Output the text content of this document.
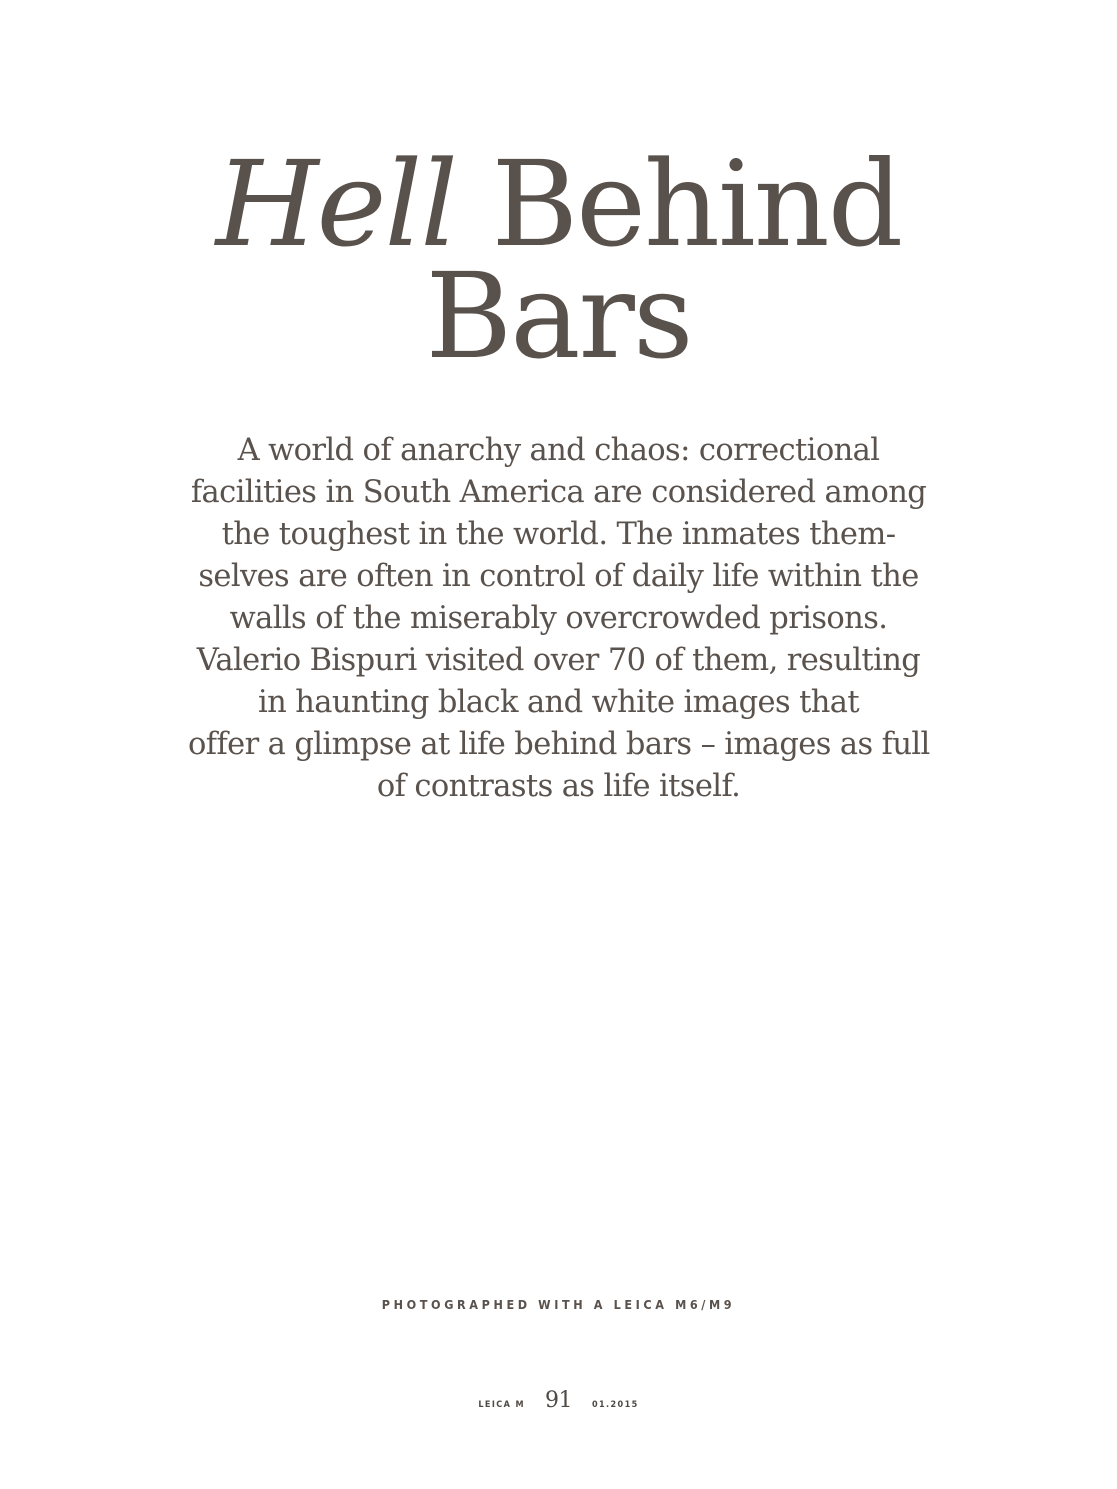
Hell Behind
Bars

A world of anarchy and chaos: correctional
facilities in South America are considered among
the toughest in the world. The inmates them-
selves are often in control of daily life within the
walls of the miserably overcrowded prisons.
Valerio Bispuri visited over 70 of them, resulting
in haunting black and white images that
offer a glimpse at life behind bars – images as full
of contrasts as life itself.

PHOTOGRAPHED WITH A LEICA M6/M9

LEICA M 91 01.2015
